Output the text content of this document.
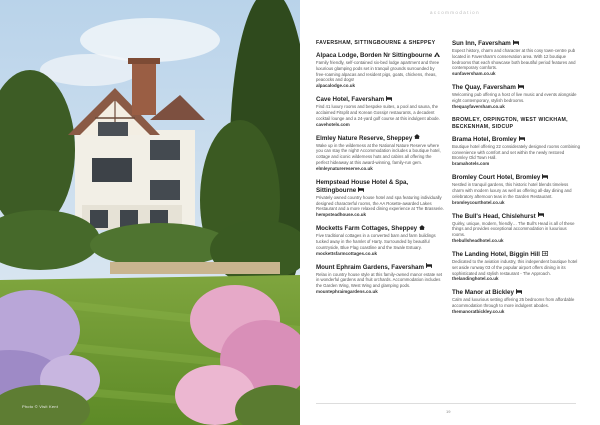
Photo © Visit Kent
accommodation
FAVERSHAM, SITTINGBOURNE & SHEPPEY
Alpaca Lodge, Borden Nr Sittingbourne
Family friendly, self-contained six-bed lodge apartment and three luxurious glamping pods set in tranquil grounds surrounded by free-roaming alpacas and resident pigs, goats, chickens, rheas, peacocks and dogs!
alpacalodge.co.uk
Cave Hotel, Faversham
Find 41 luxury rooms and bespoke suites, a pool and sauna, the acclaimed Fitsplit and Korean Gossip! restaurants, a decadent cocktail lounge and a 24-yard golf course at this indulgent abode.
cavehotels.com
Elmley Nature Reserve, Sheppey
Wake up in the wilderness at the National Nature Reserve where you can stay the night! Accommodation includes a boutique hotel, cottage and iconic wilderness huts and cabins all offering the perfect hideaway at this award-winning, family-run gem.
elmleynaturereserve.co.uk
Hempstead House Hotel & Spa, Sittingbourne
Privately owned country house hotel and spa featuring individually designed characterful rooms, the AA Rosette-awarded Lakes Restaurant and a more relaxed dining experience at The Brasserie.
hempsteadhouse.co.uk
Mocketts Farm Cottages, Sheppey
Five traditional cottages in a converted barn and farm buildings tucked away in the hamlet of Harty. Surrounded by beautiful countryside, Blue Flag coastline and the Swale Estuary.
mockettsfarmcottages.co.uk
Mount Ephraim Gardens, Faversham
Relax in country house style at this family-owned manor estate set in wonderful gardens and fruit orchards. Accommodation includes the Garden Wing, West Wing and glamping pods.
mountephraimgardens.co.uk
Sun Inn, Faversham
Expect history, charm and character at this cosy town-centre pub located in Faversham's conservation area. With 12 boutique bedrooms that each showcase both beautiful period features and contemporary comforts.
sunfaversham.co.uk
The Quay, Faversham
Welcoming pub offering a host of live music and events alongside eight contemporary, stylish bedrooms.
thequayfaversham.co.uk
BROMLEY, ORPINGTON, WEST WICKHAM, BECKENHAM, SIDCUP
Brama Hotel, Bromley
Boutique hotel offering 22 considerately designed rooms combining convenience with comfort and set within the newly restored Bromley Old Town Hall.
bramahotels.com
Bromley Court Hotel, Bromley
Nestled in tranquil gardens, this historic hotel blends timeless charm with modern luxury as well as offering all-day dining and celebratory afternoon teas in the Garden Restaurant.
bromleycourthotel.co.uk
The Bull's Head, Chislehurst
Quirky, unique, modern, friendly… The Bull's Head is all of these things and provides exceptional accommodation in luxurious rooms.
thebullsheadhotel.co.uk
The Landing Hotel, Biggin Hill
Dedicated to the aviation industry, this independent boutique hotel set aside runway 03 of the popular airport offers dining in its sophisticated and stylish restaurant - The Approach.
thelandinghotel.co.uk
The Manor at Bickley
Calm and luxurious setting offering 25 bedrooms from affordable accommodation through to more indulgent abodes.
themanoratbickley.co.uk
19
